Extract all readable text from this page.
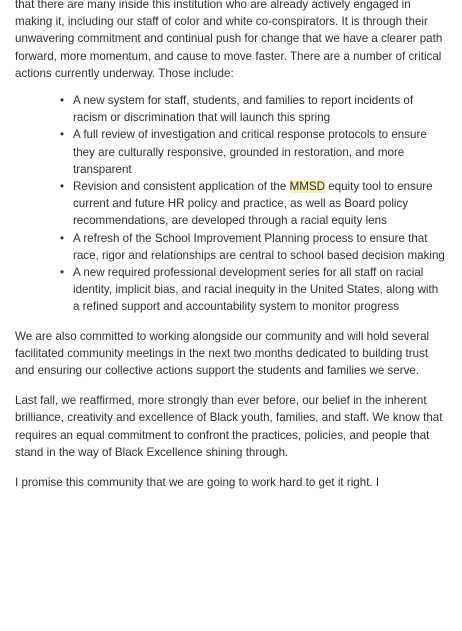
that there are many inside this institution who are already actively engaged in making it, including our staff of color and white co-conspirators. It is through their unwavering commitment and continual push for change that we have a clearer path forward, more momentum, and cause to move faster. There are a number of critical actions currently underway. Those include:

• A new system for staff, students, and families to report incidents of racism or discrimination that will launch this spring
• A full review of investigation and critical response protocols to ensure they are culturally responsive, grounded in restoration, and more transparent
• Revision and consistent application of the MMSD equity tool to ensure current and future HR policy and practice, as well as Board policy recommendations, are developed through a racial equity lens
• A refresh of the School Improvement Planning process to ensure that race, rigor and relationships are central to school based decision making
• A new required professional development series for all staff on racial identity, implicit bias, and racial inequity in the United States, along with a refined support and accountability system to monitor progress

We are also committed to working alongside our community and will hold several facilitated community meetings in the next two months dedicated to building trust and ensuring our collective actions support the students and families we serve.

Last fall, we reaffirmed, more strongly than ever before, our belief in the inherent brilliance, creativity and excellence of Black youth, families, and staff. We know that requires an equal commitment to confront the practices, policies, and people that stand in the way of Black Excellence shining through.

I promise this community that we are going to work hard to get it right. I
